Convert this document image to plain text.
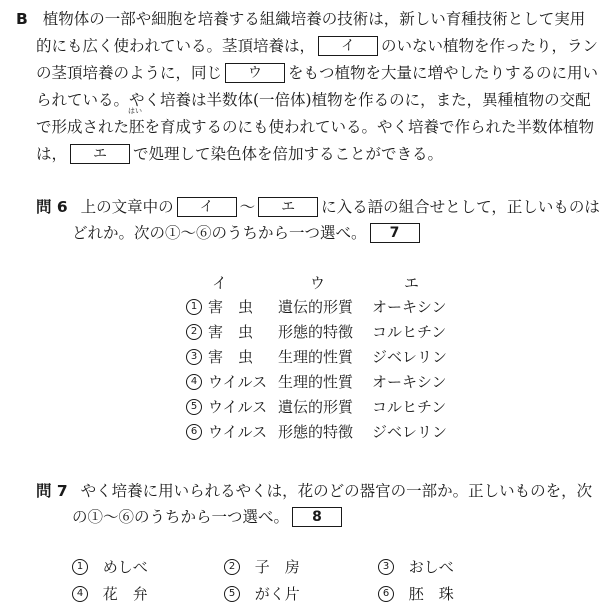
B 植物体の一部や細胞を培養する組織培養の技術は，新しい育種技術として実用
的にも広く使われている。茎頂培養は， イ のいない植物を作ったり，ラン
の茎頂培養のように，同じ ウ をもつ植物を大量に増やしたりするのに用い
られている。やく培養は半数体(一倍体)植物を作るのに，また，異種植物の交配
で形成された
はい
胚を育成するのにも使われている。やく培養で作られた半数体植物
は， エ で処理して染色体を倍加することができる。
問 6 上の文章中の イ ～ エ に入る語の組合せとして，正しいものは
どれか。次の①～⑥のうちから一つ選べ。 7
イ	ウ	エ
1 害　虫	遺伝的形質 オーキシン
2 害　虫 形態的特徴 コルヒチン
3 害　虫 生理的性質 ジベレリン
4 ウイルス 生理的性質 オーキシン
5 ウイルス 遺伝的形質 コルヒチン
6 ウイルス 形態的特徴 ジベレリン
問 7 やく培養に用いられるやくは，花のどの器官の一部か。正しいものを，次
の①～⑥のうちから一つ選べ。 8
1 めしべ	2 子　房	3 おしべ
4 花　弁	5 がく片	6 胚　珠
